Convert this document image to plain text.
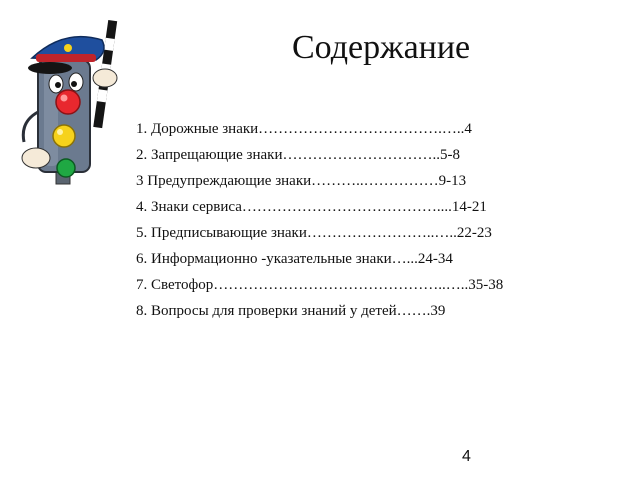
Содержание
1. Дорожные знаки……………………………….…..4
2. Запрещающие знаки…………………………..5-8
3 Предупреждающие знаки………..……………9-13
4. Знаки сервиса…………………………………....14-21
5. Предписывающие знаки……………………..…..22-23
6. Информационно -указательные знаки…...24-34
7. Светофор………………………………………..…..35-38
8. Вопросы для проверки знаний у детей…….39
4
